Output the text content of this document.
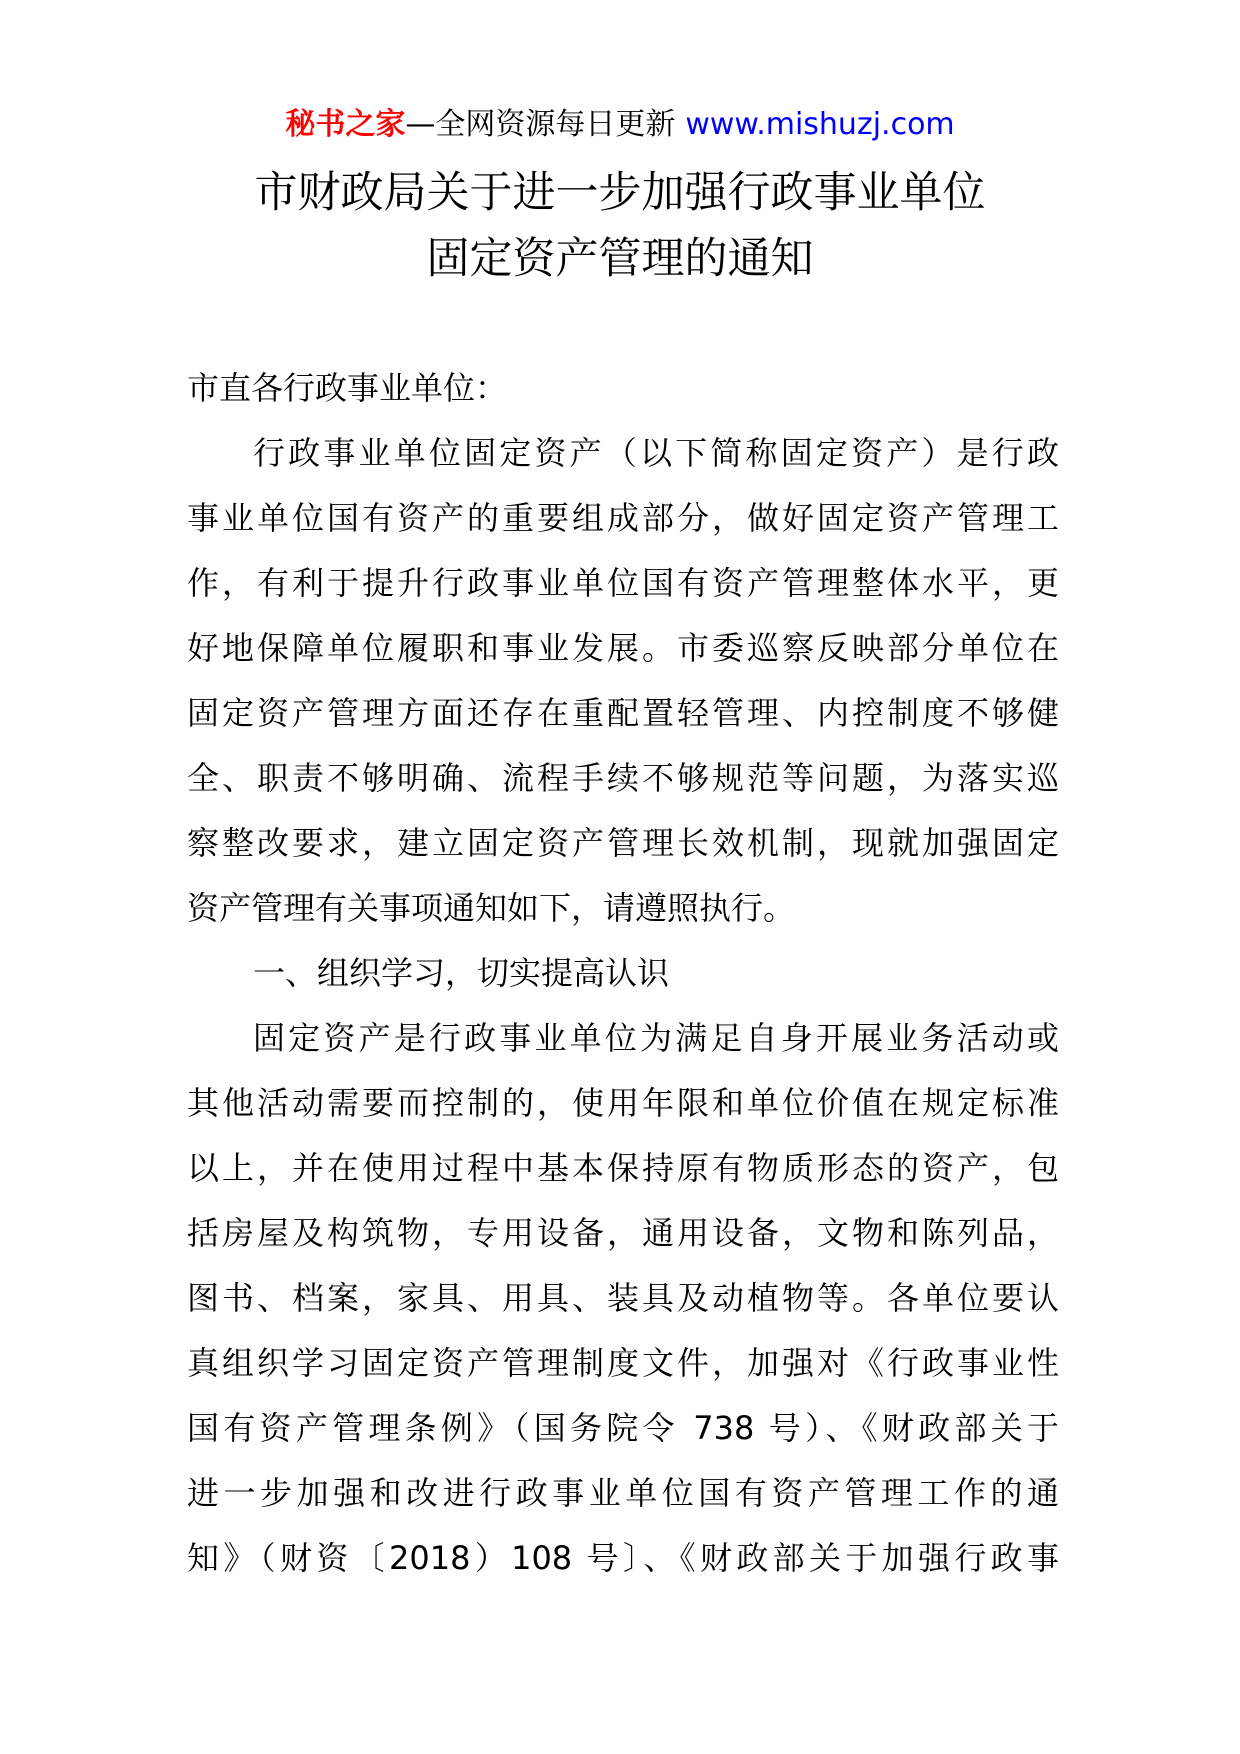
秘书之家—全网资源每日更新 www.mishuzj.com
市财政局关于进一步加强行政事业单位
固定资产管理的通知
市直各行政事业单位：
行政事业单位固定资产（以下简称固定资产）是行政
事业单位国有资产的重要组成部分，做好固定资产管理工
作，有利于提升行政事业单位国有资产管理整体水平，更
好地保障单位履职和事业发展。市委巡察反映部分单位在
固定资产管理方面还存在重配置轻管理、内控制度不够健
全、职责不够明确、流程手续不够规范等问题，为落实巡
察整改要求，建立固定资产管理长效机制，现就加强固定
资产管理有关事项通知如下，请遵照执行。
一、组织学习，切实提高认识
固定资产是行政事业单位为满足自身开展业务活动或
其他活动需要而控制的，使用年限和单位价值在规定标准
以上，并在使用过程中基本保持原有物质形态的资产，包
括房屋及构筑物，专用设备，通用设备，文物和陈列品，
图书、档案，家具、用具、装具及动植物等。各单位要认
真组织学习固定资产管理制度文件，加强对《行政事业性
国有资产管理条例》（国务院令 738 号）、《财政部关于
进一步加强和改进行政事业单位国有资产管理工作的通
知》（财资〔2018）108 号〕、《财政部关于加强行政事
